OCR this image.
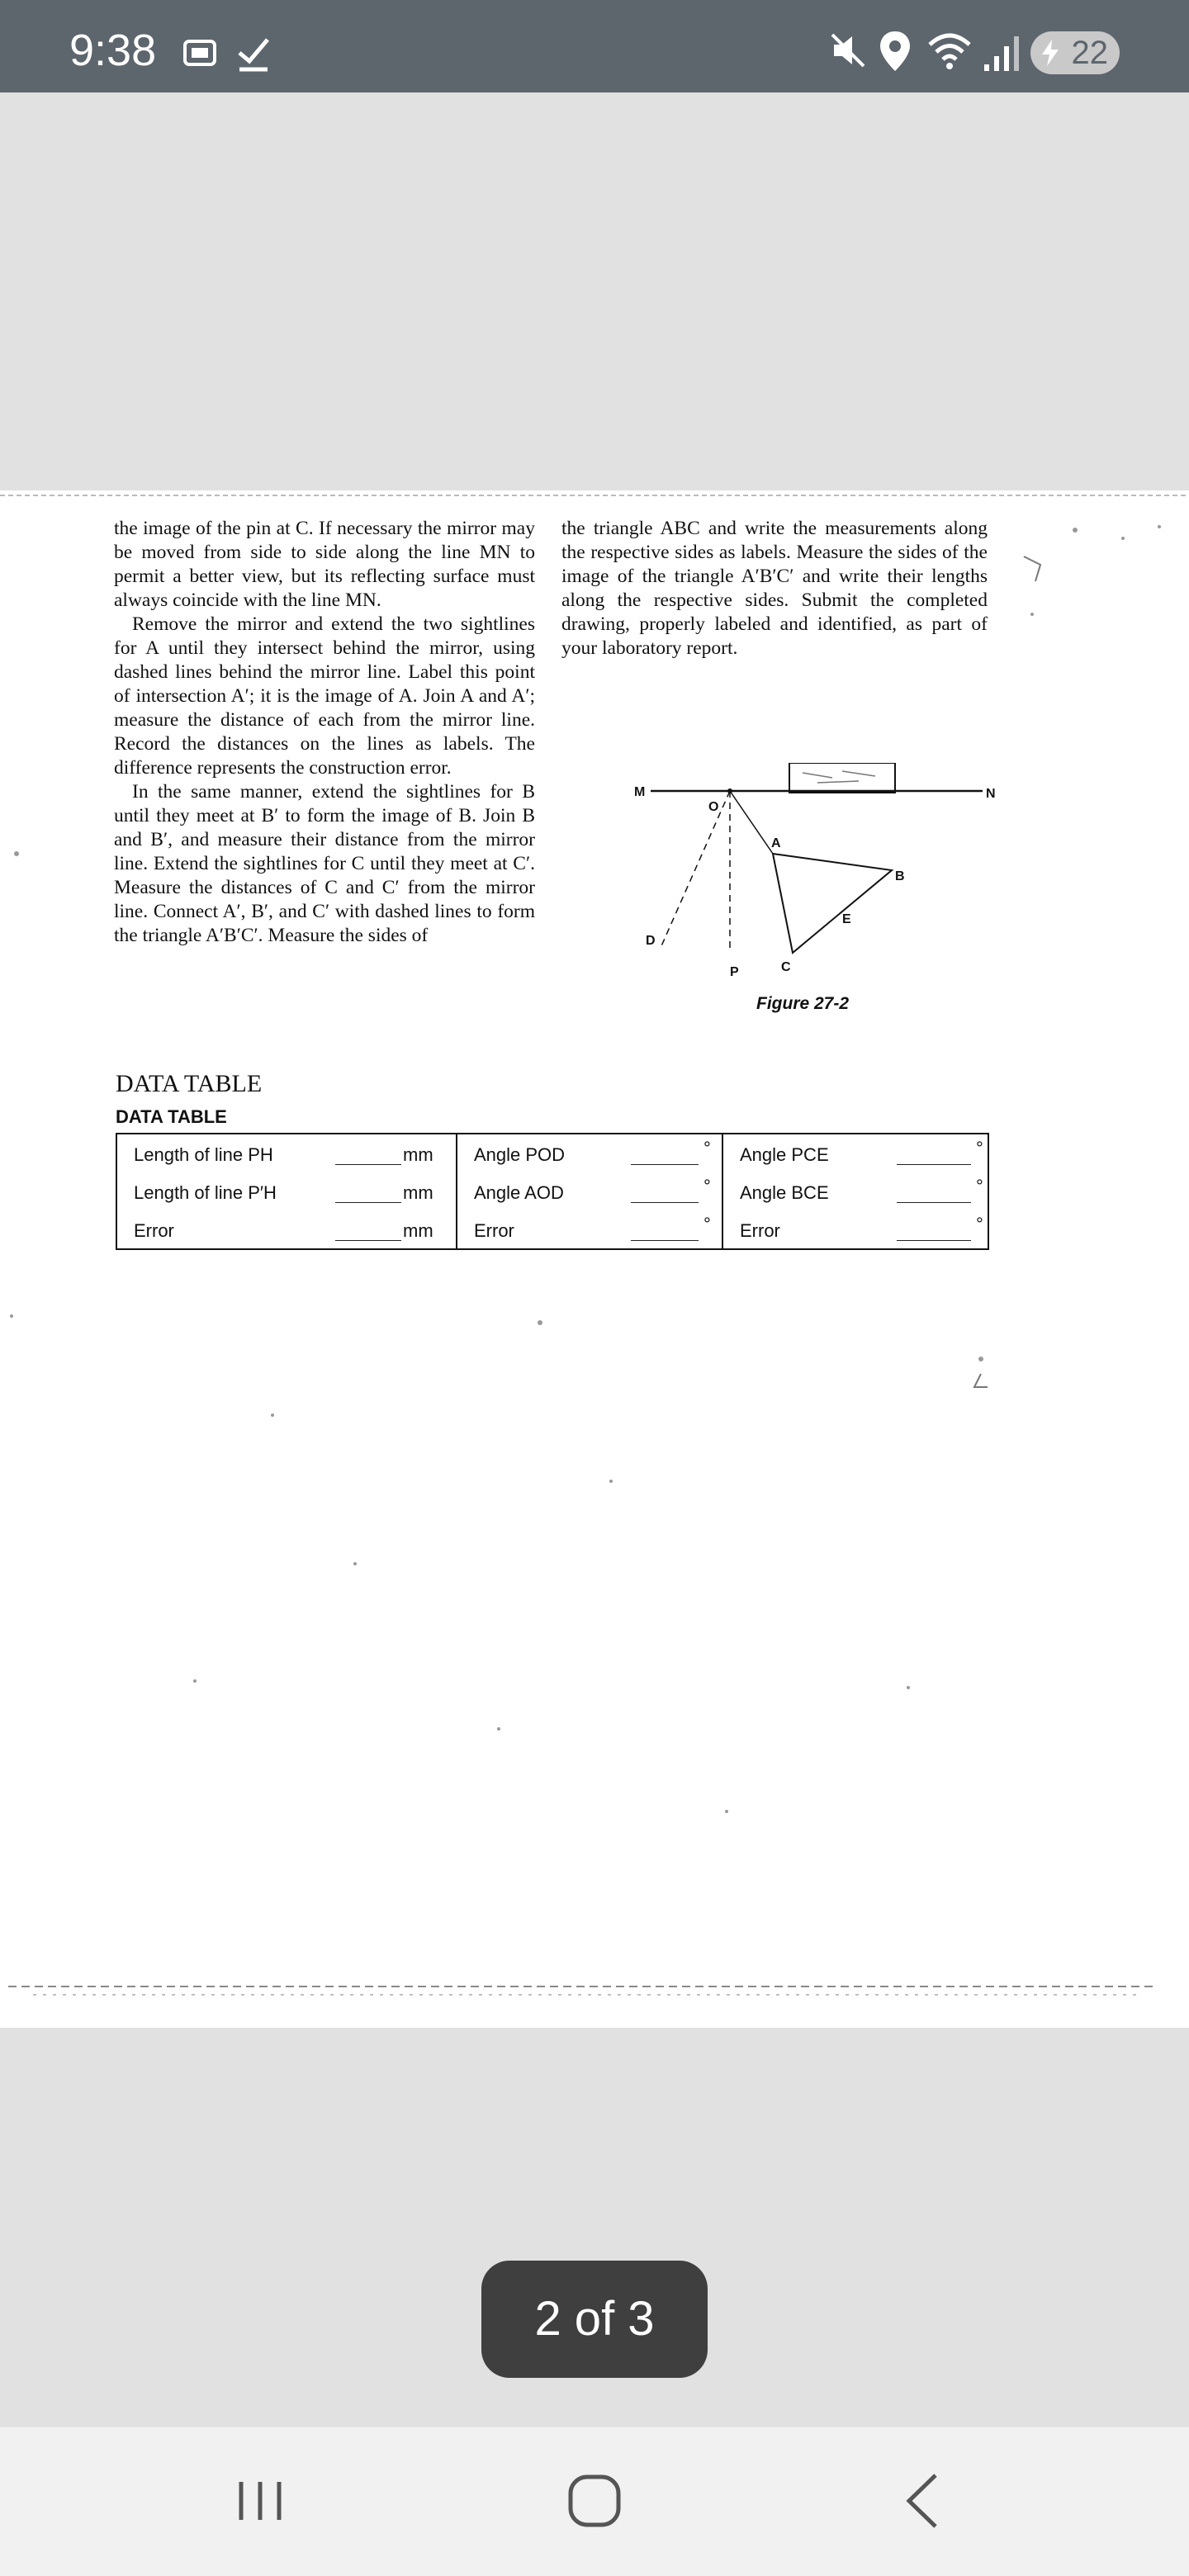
9:38	22

the image of the pin at C. If necessary the mirror may be moved from side to side along the line MN to permit a better view, but its reflecting surface must always coincide with the line MN.

Remove the mirror and extend the two sightlines for A until they intersect behind the mirror, using dashed lines behind the mirror line. Label this point of intersection A′; it is the image of A. Join A and A′; measure the distance of each from the mirror line. Record the distances on the lines as labels. The difference represents the construction error.

In the same manner, extend the sightlines for B until they meet at B′ to form the image of B. Join B and B′, and measure their distance from the mirror line. Extend the sightlines for C until they meet at C′. Measure the distances of C and C′ from the mirror line. Connect A′, B′, and C′ with dashed lines to form the triangle A′B′C′. Measure the sides of

the triangle ABC and write the measurements along the respective sides as labels. Measure the sides of the image of the triangle A′B′C′ and write their lengths along the respective sides. Submit the completed drawing, properly labeled and identified, as part of your laboratory report.

M	N
O
A
B
C
D
E
P
Figure 27-2
DATA TABLE
DATA TABLE
Length of line PH mm	Angle POD °	Angle PCE °

Length of line P′H mm	Angle AOD °	Angle BCE °

Error mm	Error °	Error °
2 of 3
